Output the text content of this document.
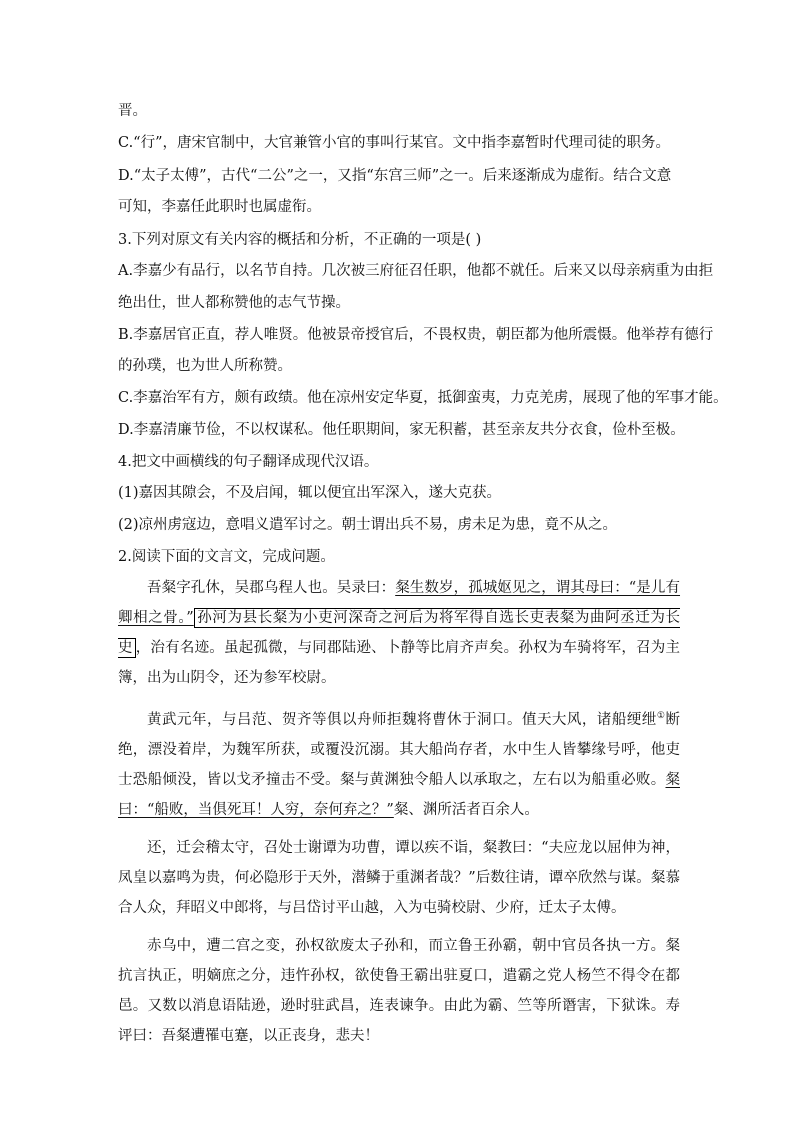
晋。
C.“行”，唐宋官制中，大官兼管小官的事叫行某官。文中指李嘉暂时代理司徒的职务。
D.“太子太傅”，古代“二公”之一，又指“东宫三师”之一。后来逐渐成为虚衔。结合文意
可知，李嘉任此职时也属虚衔。
3.下列对原文有关内容的概括和分析，不正确的一项是( )
A.李嘉少有品行，以名节自持。几次被三府征召任职，他都不就任。后来又以母亲病重为由拒
绝出仕，世人都称赞他的志气节操。
B.李嘉居官正直，荐人唯贤。他被景帝授官后，不畏权贵，朝臣都为他所震慑。他举荐有德行
的孙璞，也为世人所称赞。
C.李嘉治军有方，颇有政绩。他在凉州安定华夏，抵御蛮夷，力克羌虏，展现了他的军事才能。
D.李嘉清廉节俭，不以权谋私。他任职期间，家无积蓄，甚至亲友共分衣食，俭朴至极。
4.把文中画横线的句子翻译成现代汉语。
(1)嘉因其隙会，不及启闻，辄以便宜出军深入，遂大克获。
(2)凉州虏寇边，意唱义遣军讨之。朝士谓出兵不易，虏未足为患，竟不从之。
2.阅读下面的文言文，完成问题。

吾粲字孔休，吴郡乌程人也。吴录曰：粲生数岁，孤城妪见之，谓其母曰：“是儿有卿相之骨。” 孙河为县长粲为小吏河深奇之河后为将军得自选长吏表粲为曲阿丞迁为长史 ，治有名迹。虽起孤微，与同郡陆逊、卜静等比肩齐声矣。孙权为车骑将军，召为主簿，出为山阴令，还为参军校尉。

黄武元年，与吕范、贺齐等俱以舟师拒魏将曹休于洞口。值天大风，诸船绠绁①断绝，漂没着岸，为魏军所获，或覆没沉溺。其大船尚存者，水中生人皆攀缘号呼，他吏士恐船倾没，皆以戈矛撞击不受。粲与黄渊独令船人以承取之，左右以为船重必败。粲曰：“船败，当俱死耳！人穷，奈何弃之？”粲、渊所活者百余人。

还，迁会稽太守，召处士谢谭为功曹，谭以疾不诣，粲教曰：“夫应龙以屈伸为神，凤皇以嘉鸣为贵，何必隐形于天外，潜鳞于重渊者哉？”后数往请，谭卒欣然与谋。粲慕合人众，拜昭义中郎将，与吕岱讨平山越，入为屯骑校尉、少府，迁太子太傅。

赤乌中，遭二宫之变，孙权欲废太子孙和，而立鲁王孙霸，朝中官员各执一方。粲抗言执正，明嫡庶之分，违忤孙权，欲使鲁王霸出驻夏口，遣霸之党人杨竺不得令在都邑。又数以消息语陆逊，逊时驻武昌，连表谏争。由此为霸、竺等所谮害，下狱诛。寿评曰：吾粲遭罹屯蹇，以正丧身，悲夫！
